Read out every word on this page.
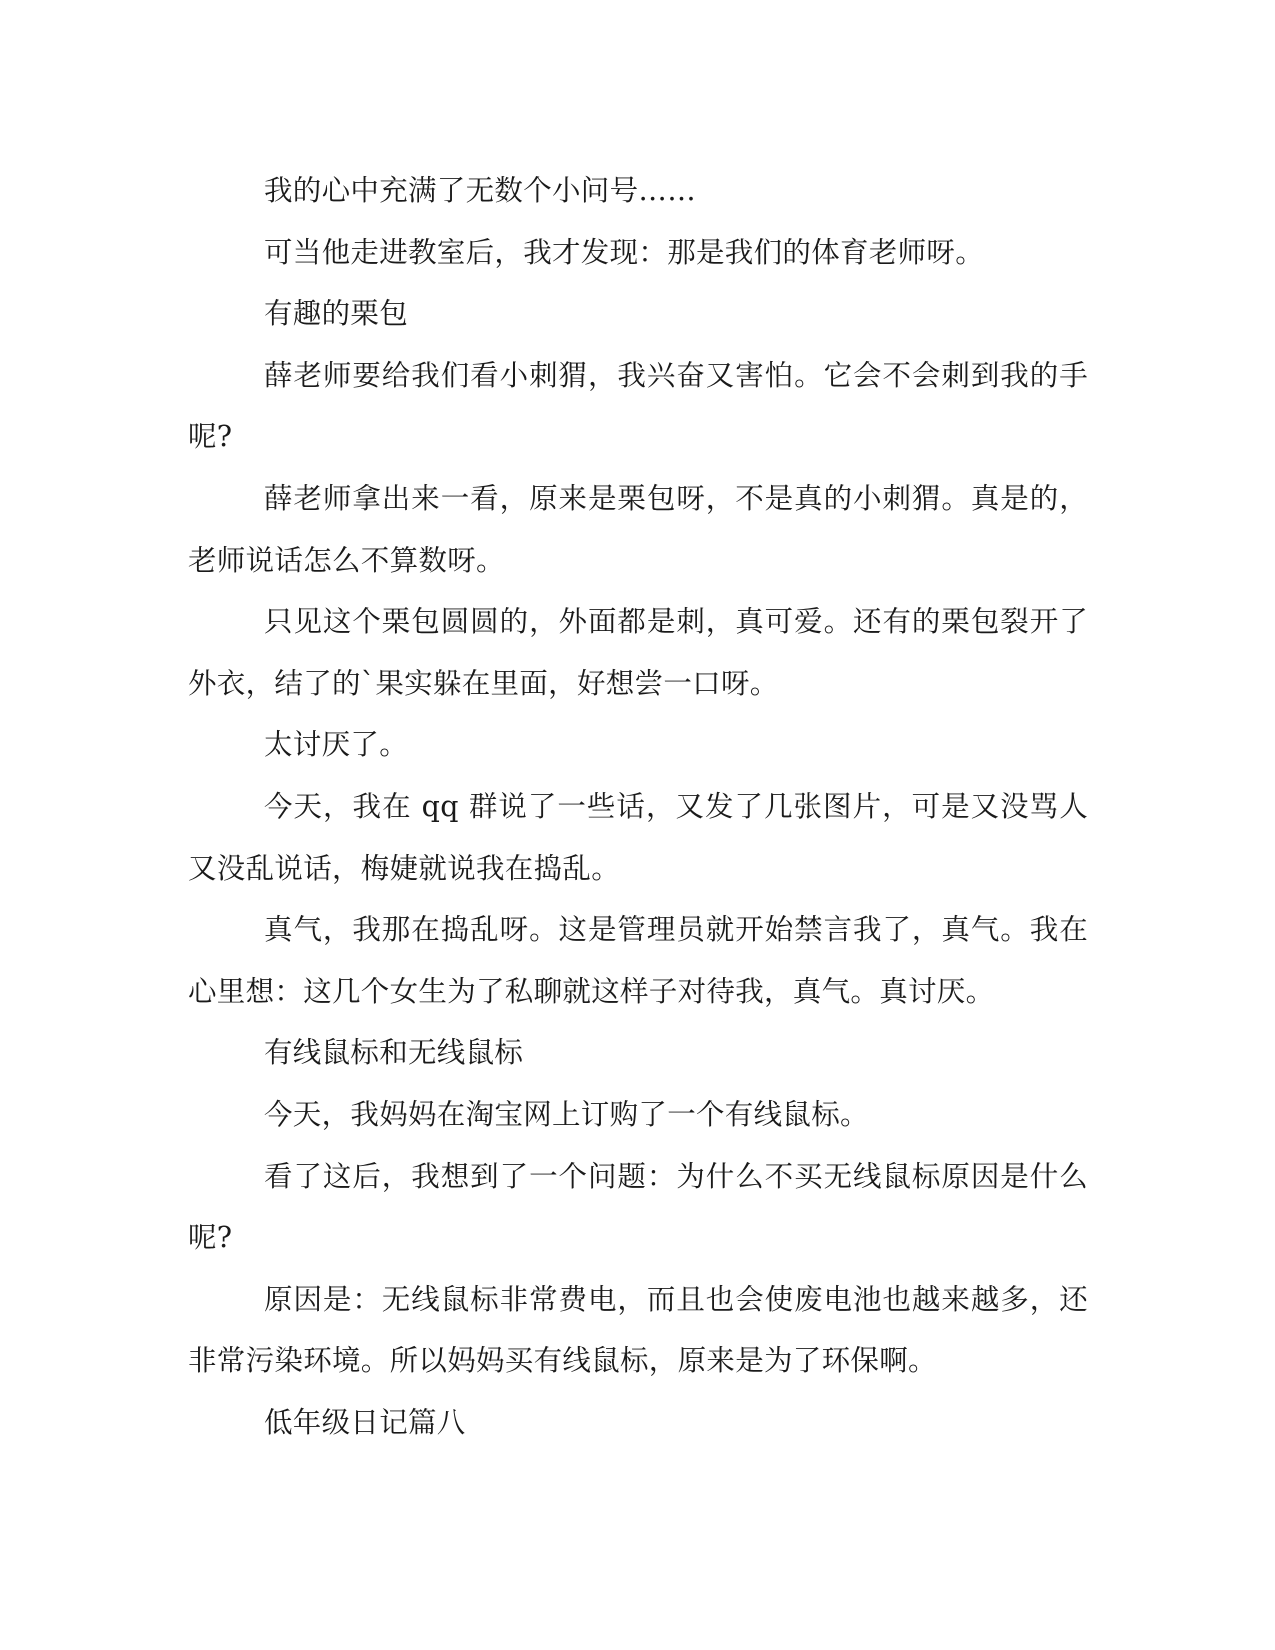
我的心中充满了无数个小问号……

可当他走进教室后，我才发现：那是我们的体育老师呀。

有趣的栗包

薛老师要给我们看小刺猬，我兴奋又害怕。它会不会刺到我的手呢?

薛老师拿出来一看，原来是栗包呀，不是真的小刺猬。真是的，老师说话怎么不算数呀。

只见这个栗包圆圆的，外面都是刺，真可爱。还有的栗包裂开了外衣，结了的`果实躲在里面，好想尝一口呀。

太讨厌了。

今天，我在 qq 群说了一些话，又发了几张图片，可是又没骂人又没乱说话，梅婕就说我在捣乱。

真气，我那在捣乱呀。这是管理员就开始禁言我了，真气。我在心里想：这几个女生为了私聊就这样子对待我，真气。真讨厌。

有线鼠标和无线鼠标

今天，我妈妈在淘宝网上订购了一个有线鼠标。

看了这后，我想到了一个问题：为什么不买无线鼠标原因是什么呢?

原因是：无线鼠标非常费电，而且也会使废电池也越来越多，还非常污染环境。所以妈妈买有线鼠标，原来是为了环保啊。

低年级日记篇八
